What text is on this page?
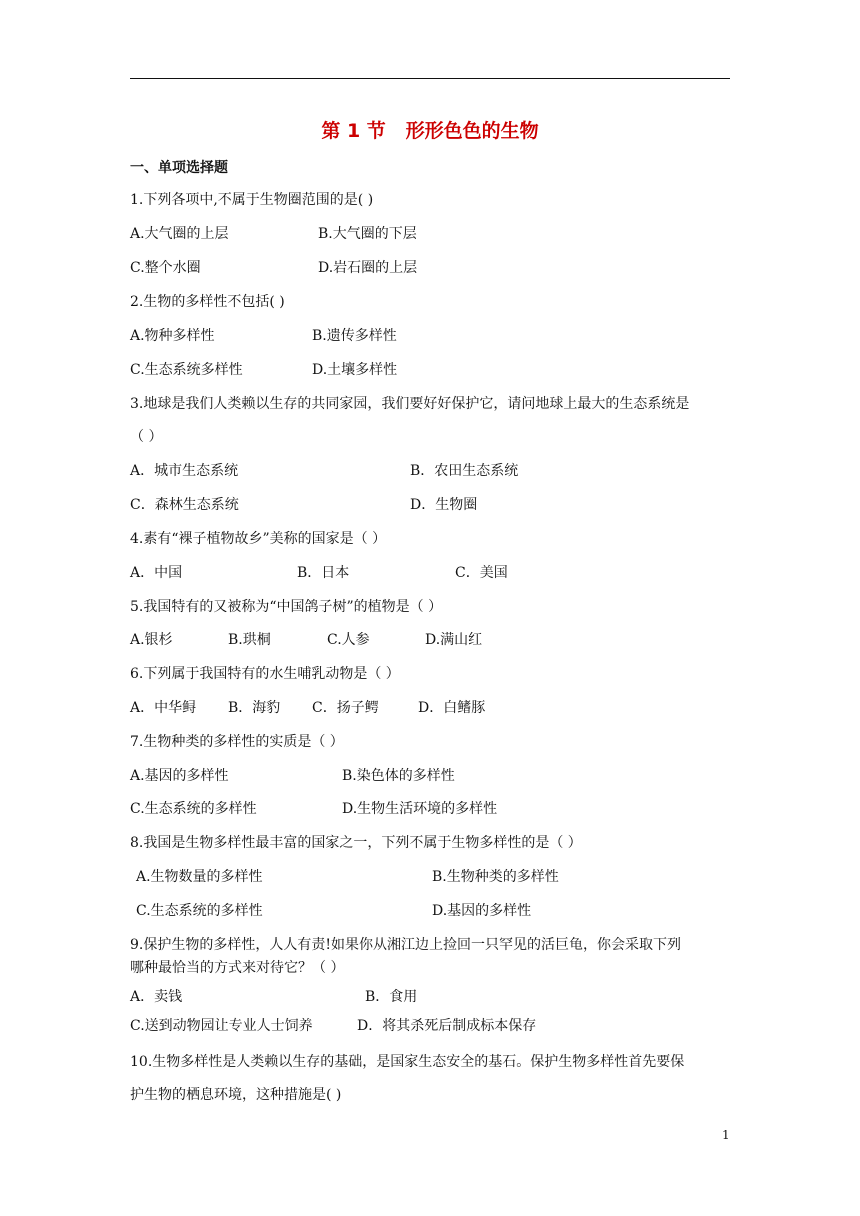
第 1 节   形形色色的生物
一、单项选择题
1.下列各项中,不属于生物圈范围的是( )
A.大气圈的上层	B.大气圈的下层
C.整个水圈	D.岩石圈的上层
2.生物的多样性不包括( )
A.物种多样性	B.遗传多样性
C.生态系统多样性	D.土壤多样性
3.地球是我们人类赖以生存的共同家园，我们要好好保护它，请问地球上最大的生态系统是
（ ）
A．城市生态系统	B．农田生态系统
C．森林生态系统	D．生物圈
4.素有“裸子植物故乡”美称的国家是（ ）
A．中国	B．日本	C．美国
5.我国特有的又被称为“中国鸽子树”的植物是（ ）
A.银杉	B.珙桐	C.人参	D.满山红
6.下列属于我国特有的水生哺乳动物是（ ）
A．中华鲟 B．海豹 C．扬子鳄	D．白鳍豚
7.生物种类的多样性的实质是（ ）
A.基因的多样性	B.染色体的多样性
C.生态系统的多样性	D.生物生活环境的多样性
8.我国是生物多样性最丰富的国家之一，下列不属于生物多样性的是（ ）
A.生物数量的多样性	B.生物种类的多样性
C.生态系统的多样性	D.基因的多样性
9.保护生物的多样性，人人有责!如果你从湘江边上捡回一只罕见的活巨龟，你会采取下列
哪种最恰当的方式来对待它？（ ）
A．卖钱	B．食用
C.送到动物园让专业人士饲养	D．将其杀死后制成标本保存
10.生物多样性是人类赖以生存的基础，是国家生态安全的基石。保护生物多样性首先要保
护生物的栖息环境，这种措施是( )
1
